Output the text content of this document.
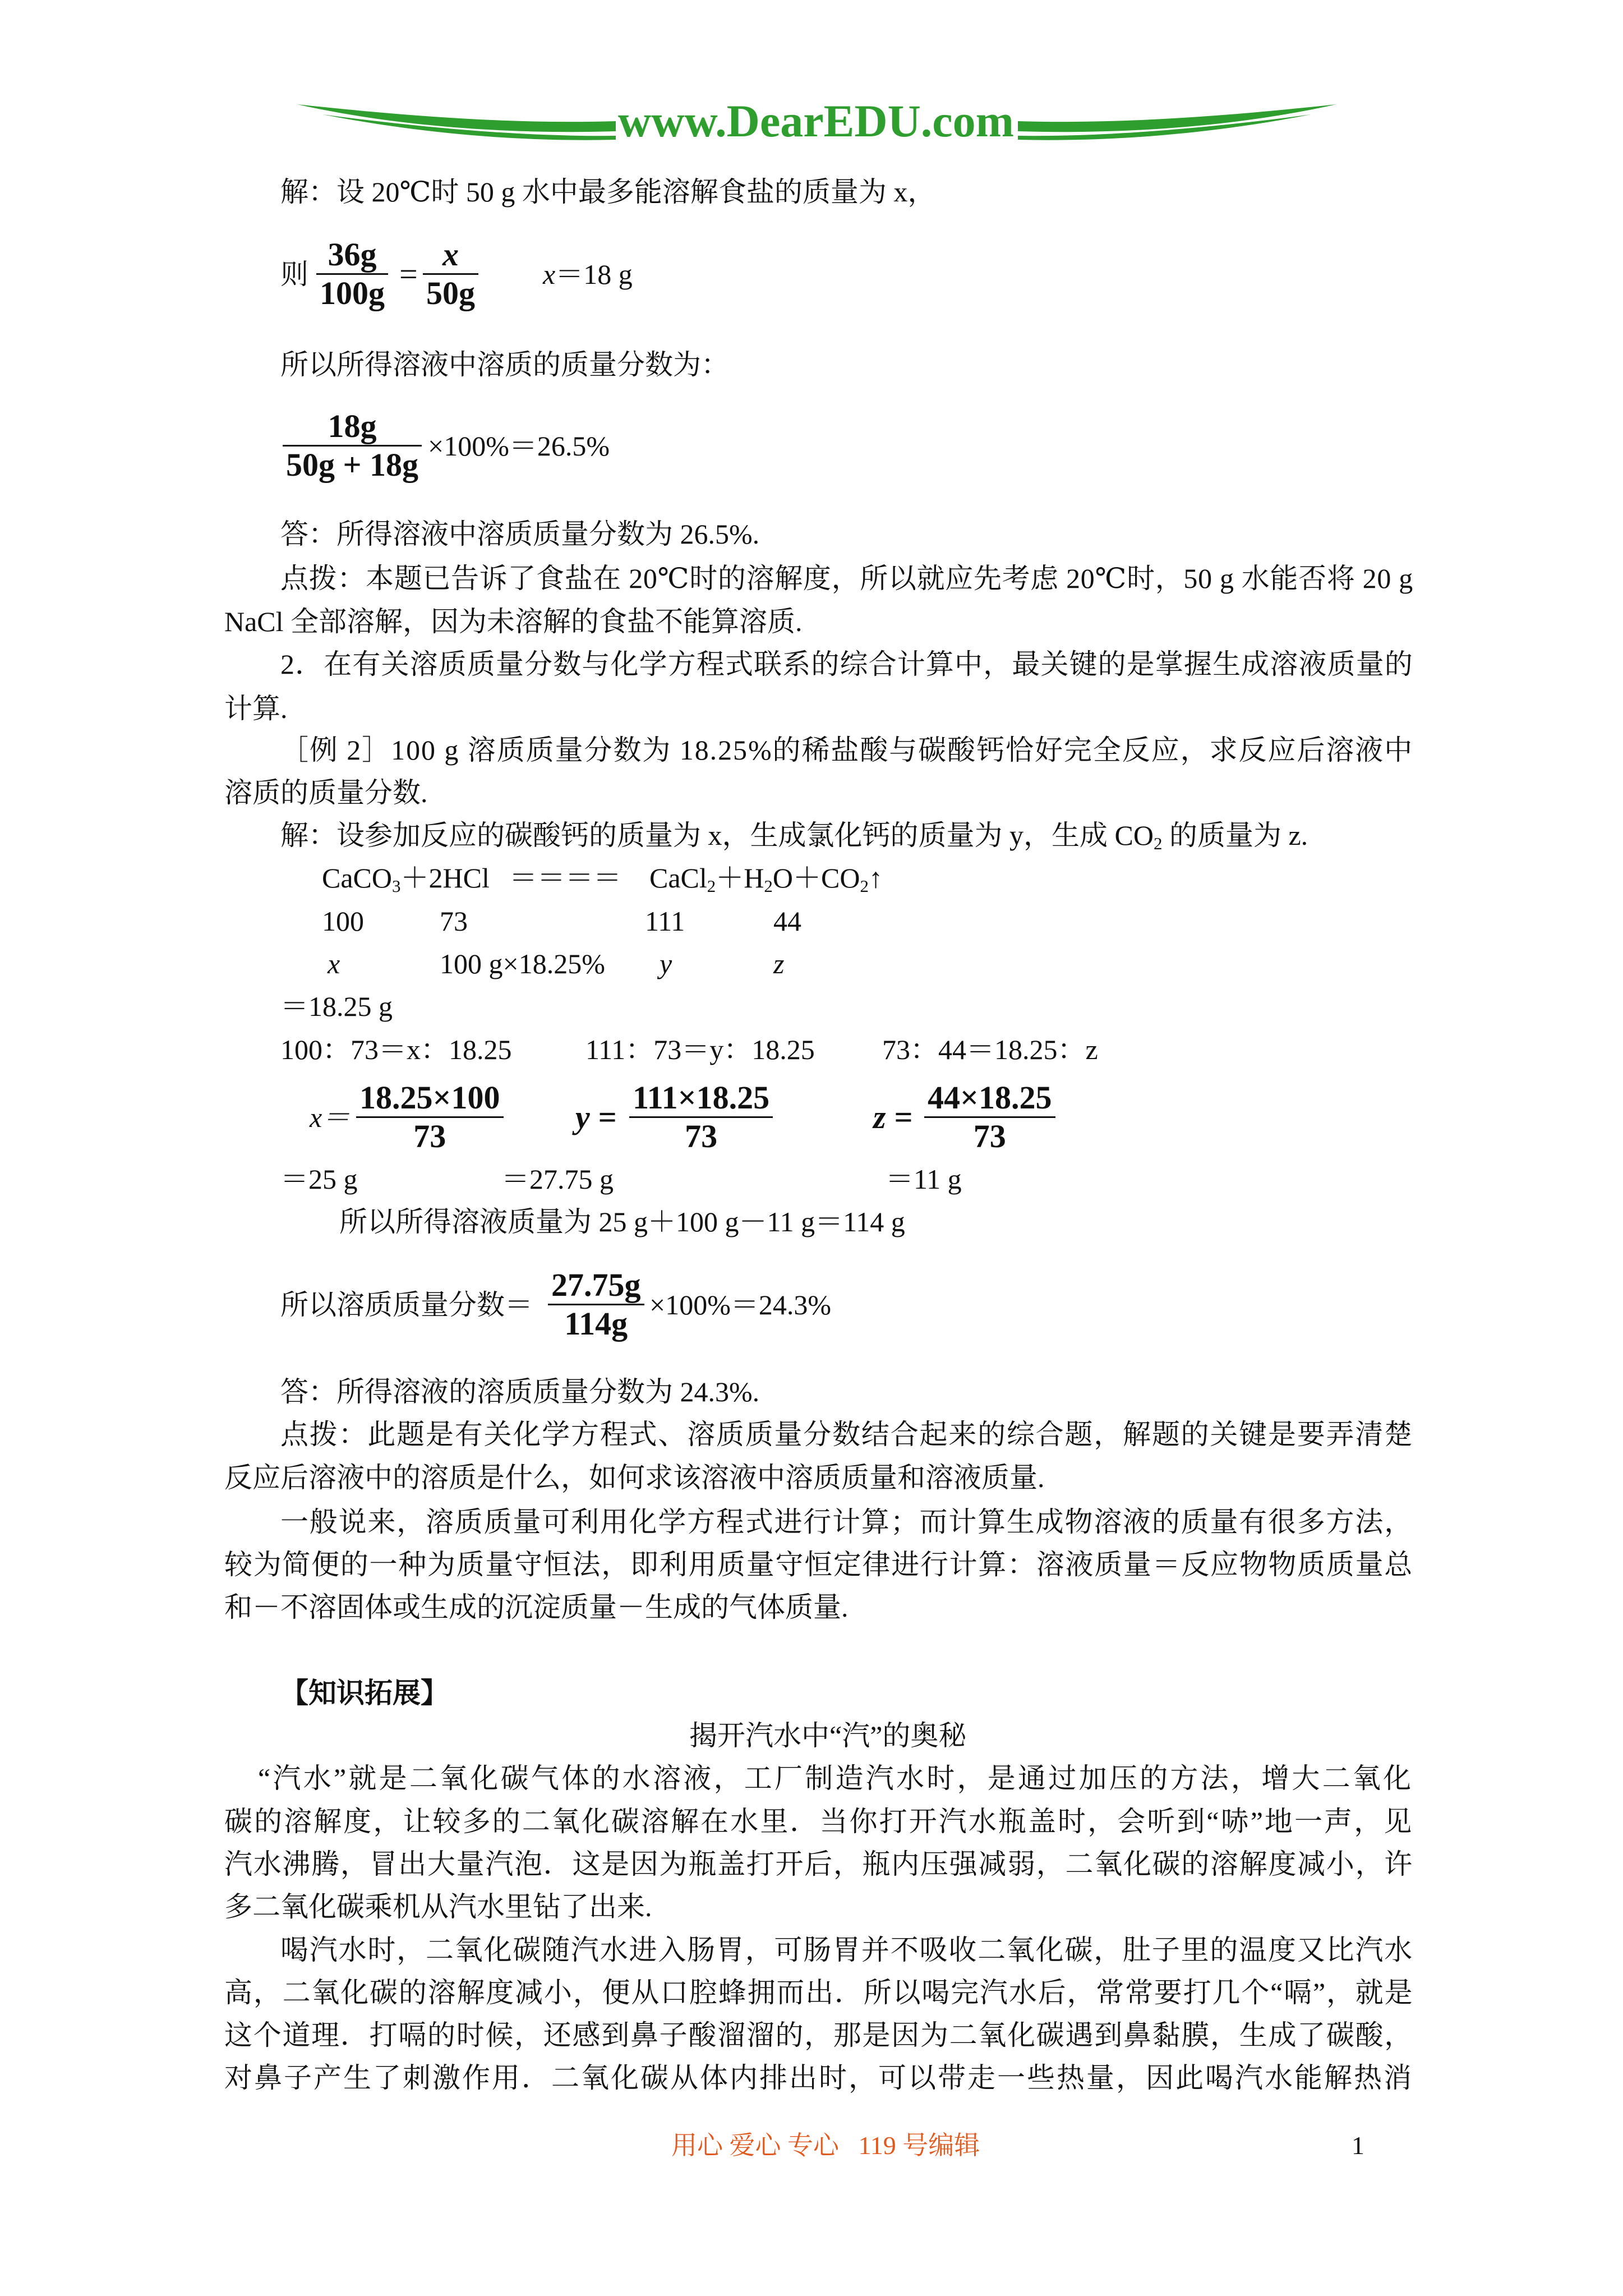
www.DearEDU.com
解：设 20℃时 50 g 水中最多能溶解食盐的质量为 x，
则
36g
100g
=
x
50g
x＝18 g
所以所得溶液中溶质的质量分数为：
18g
50g + 18g
×100%＝26.5%
答：所得溶液中溶质质量分数为 26.5%.
点拨：本题已告诉了食盐在 20℃时的溶解度，所以就应先考虑 20℃时，50 g 水能否将 20 g
NaCl 全部溶解，因为未溶解的食盐不能算溶质.
2．在有关溶质质量分数与化学方程式联系的综合计算中，最关键的是掌握生成溶液质量的
计算.
［例 2］100 g 溶质质量分数为 18.25%的稀盐酸与碳酸钙恰好完全反应，求反应后溶液中
溶质的质量分数.
解：设参加反应的碳酸钙的质量为 x，生成氯化钙的质量为 y，生成 $CO_2$ 的质量为 z.
CaCO$_3$＋2HCl ＝＝＝＝ $CaCl_2+H_2O+CO_2↑$
100	73	111	44
x	100 g×18.25% y	z
＝18.25 g
100：73＝x：18.25	111：73＝y：18.25 73：44＝18.25：z
x＝
18.25×100
73
y =
111×18.25
73
z =
44×18.25
73
＝25 g	＝27.75 g	＝11 g
所以所得溶液质量为 25 g＋100 g－11 g＝114 g
所以溶质质量分数＝
27.75g
114g
×100%＝24.3%
答：所得溶液的溶质质量分数为 24.3%.
点拨：此题是有关化学方程式、溶质质量分数结合起来的综合题，解题的关键是要弄清楚
反应后溶液中的溶质是什么，如何求该溶液中溶质质量和溶液质量.
一般说来，溶质质量可利用化学方程式进行计算；而计算生成物溶液的质量有很多方法，
较为简便的一种为质量守恒法，即利用质量守恒定律进行计算：溶液质量＝反应物物质质量总
和－不溶固体或生成的沉淀质量－生成的气体质量.
【知识拓展】
揭开汽水中“汽”的奥秘
“汽水”就是二氧化碳气体的水溶液，工厂制造汽水时，是通过加压的方法，增大二氧化
碳的溶解度，让较多的二氧化碳溶解在水里．当你打开汽水瓶盖时，会听到“哧”地一声，见
汽水沸腾，冒出大量汽泡．这是因为瓶盖打开后，瓶内压强减弱，二氧化碳的溶解度减小，许
多二氧化碳乘机从汽水里钻了出来.
喝汽水时，二氧化碳随汽水进入肠胃，可肠胃并不吸收二氧化碳，肚子里的温度又比汽水
高，二氧化碳的溶解度减小，便从口腔蜂拥而出．所以喝完汽水后，常常要打几个“嗝”，就是
这个道理．打嗝的时候，还感到鼻子酸溜溜的，那是因为二氧化碳遇到鼻黏膜，生成了碳酸，
对鼻子产生了刺激作用．二氧化碳从体内排出时，可以带走一些热量，因此喝汽水能解热消
用心 爱心 专心   119 号编辑	1
